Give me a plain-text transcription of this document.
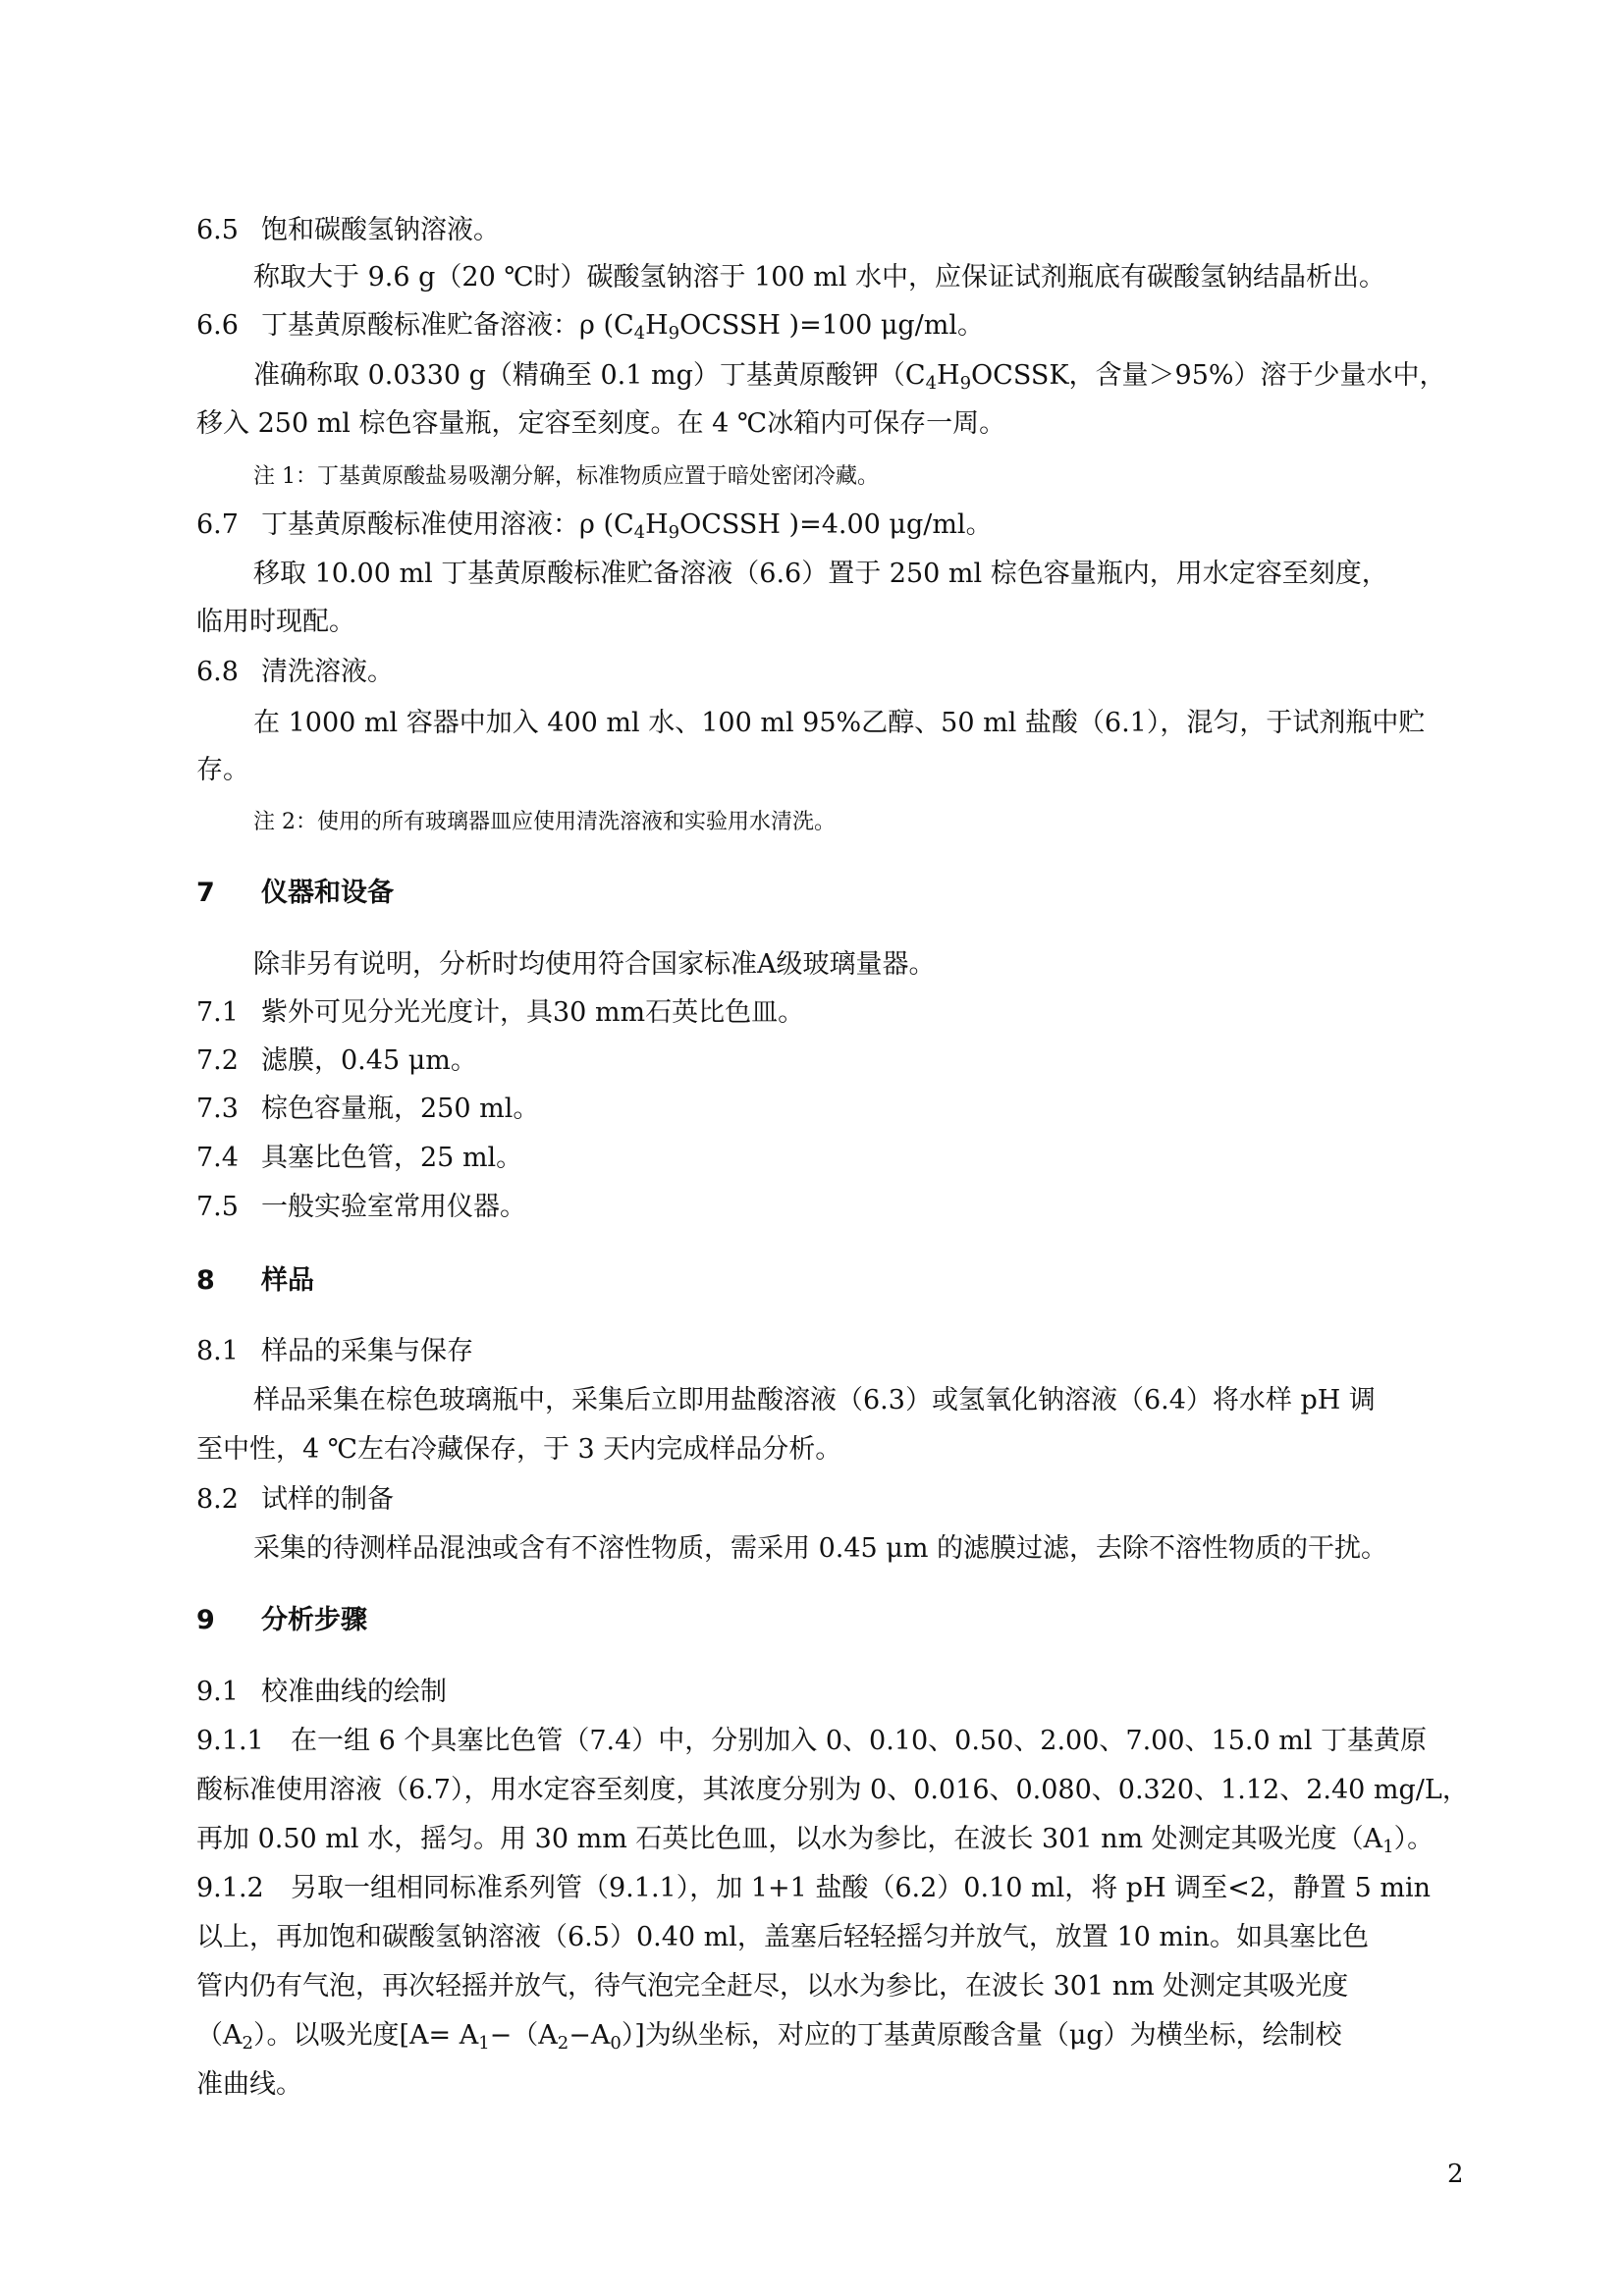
6.5 饱和碳酸氢钠溶液。
称取大于 9.6 g（20 ℃时）碳酸氢钠溶于 100 ml 水中，应保证试剂瓶底有碳酸氢钠结晶析出。
6.6 丁基黄原酸标准贮备溶液：ρ ($C_4H_9OCSSH$ )=100 μg/ml。
准确称取 0.0330 g（精确至 0.1 mg）丁基黄原酸钾（$C_4H_9OCSSK$，含量＞95%）溶于少量水中，
移入 250 ml 棕色容量瓶，定容至刻度。在 4 ℃冰箱内可保存一周。
注 1：丁基黄原酸盐易吸潮分解，标准物质应置于暗处密闭冷藏。
6.7 丁基黄原酸标准使用溶液：ρ ($C_4H_9OCSSH$ )=4.00 μg/ml。
移取 10.00 ml 丁基黄原酸标准贮备溶液（6.6）置于 250 ml 棕色容量瓶内，用水定容至刻度，
临用时现配。
6.8 清洗溶液。
在 1000 ml 容器中加入 400 ml 水、100 ml 95%乙醇、50 ml 盐酸（6.1），混匀，于试剂瓶中贮
存。
注 2：使用的所有玻璃器皿应使用清洗溶液和实验用水清洗。
7 仪器和设备
除非另有说明，分析时均使用符合国家标准A级玻璃量器。
7.1 紫外可见分光光度计，具30 mm石英比色皿。
7.2 滤膜，0.45 μm。
7.3 棕色容量瓶，250 ml。
7.4 具塞比色管，25 ml。
7.5 一般实验室常用仪器。
8 样品
8.1 样品的采集与保存
样品采集在棕色玻璃瓶中，采集后立即用盐酸溶液（6.3）或氢氧化钠溶液（6.4）将水样 pH 调
至中性，4 ℃左右冷藏保存，于 3 天内完成样品分析。
8.2 试样的制备
采集的待测样品混浊或含有不溶性物质，需采用 0.45 μm 的滤膜过滤，去除不溶性物质的干扰。
9 分析步骤
9.1 校准曲线的绘制
9.1.1 在一组 6 个具塞比色管（7.4）中，分别加入 0、0.10、0.50、2.00、7.00、15.0 ml 丁基黄原
酸标准使用溶液（6.7），用水定容至刻度，其浓度分别为 0、0.016、0.080、0.320、1.12、2.40 mg/L，
再加 0.50 ml 水，摇匀。用 30 mm 石英比色皿，以水为参比，在波长 301 nm 处测定其吸光度$(A_1)$。
9.1.2 另取一组相同标准系列管（9.1.1），加 1+1 盐酸（6.2）0.10 ml，将 pH 调至<2，静置 5 min
以上，再加饱和碳酸氢钠溶液（6.5）0.40 ml，盖塞后轻轻摇匀并放气，放置 10 min。如具塞比色
管内仍有气泡，再次轻摇并放气，待气泡完全赶尽，以水为参比，在波长 301 nm 处测定其吸光度
$(A_2)$。以吸光度$[A= A_1-(A_2-A_0)]$为纵坐标，对应的丁基黄原酸含量（μg）为横坐标，绘制校
准曲线。
2
